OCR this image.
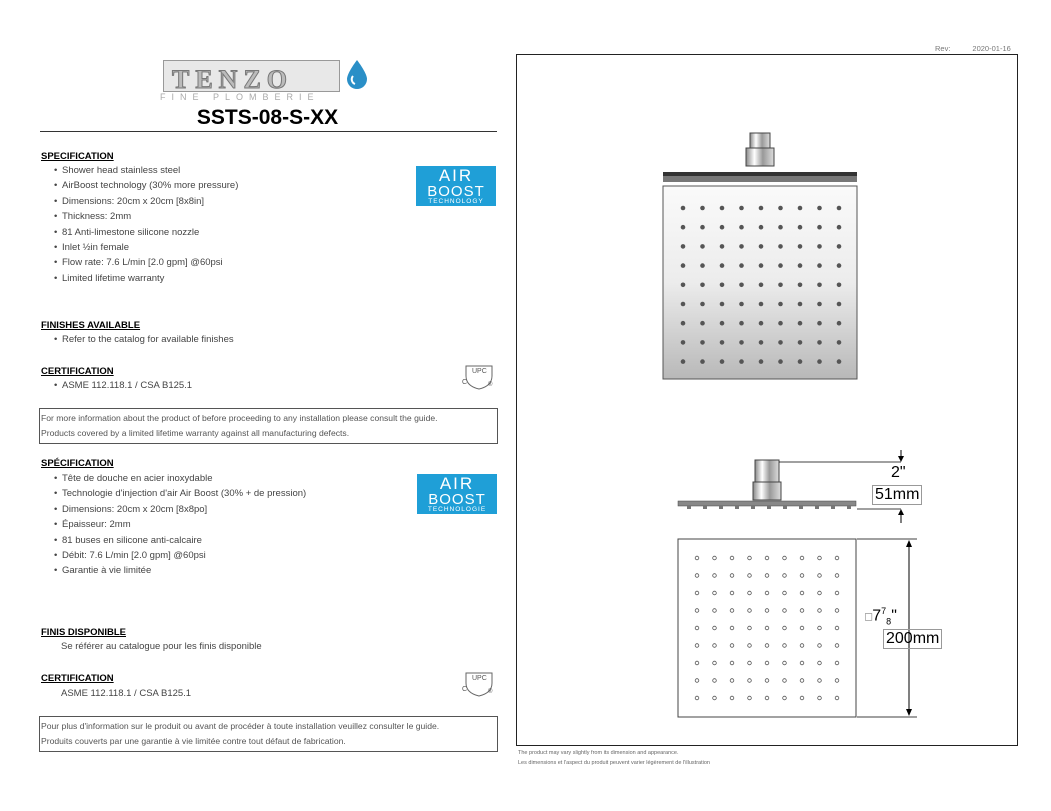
TENZO
FINE PLOMBERIE
SSTS-08-S-XX
SPECIFICATION
• Shower head stainless steel
• AirBoost technology (30% more pressure)
• Dimensions: 20cm x 20cm [8x8in]
• Thickness: 2mm
• 81 Anti-limestone silicone nozzle
• Inlet ½in female
• Flow rate: 7.6 L/min [2.0 gpm] @60psi
• Limited lifetime warranty
AIR
BOOST
TECHNOLOGY
FINISHES AVAILABLE
• Refer to the catalog for available finishes
CERTIFICATION
• ASME 112.118.1 / CSA B125.1
UPC
C	®
For more information about the product of before proceeding to any installation please consult the guide.
Products covered by a limited lifetime warranty against all manufacturing defects.
SPÉCIFICATION
• Tête de douche en acier inoxydable
• Technologie d'injection d'air Air Boost (30% + de pression)
• Dimensions: 20cm x 20cm [8x8po]
• Épaisseur: 2mm
• 81 buses en silicone anti-calcaire
• Débit: 7.6 L/min [2.0 gpm] @60psi
• Garantie à vie limitée
AIR
BOOST
TECHNOLOGIE
FINIS DISPONIBLE
Se référer au catalogue pour les finis disponible
CERTIFICATION
ASME 112.118.1 / CSA B125.1
UPC
C	®
Pour plus d'information sur le produit ou avant de procéder à toute installation veuillez consulter le guide.
Produits couverts par une garantie à vie limitée contre tout défaut de fabrication.
Rev:	2020-01-16
2"
51mm
$□7^7_8$"
200mm
The product may vary slightly from its dimension and appearance.
Les dimensions et l'aspect du produit peuvent varier légèrement de l'illustration
